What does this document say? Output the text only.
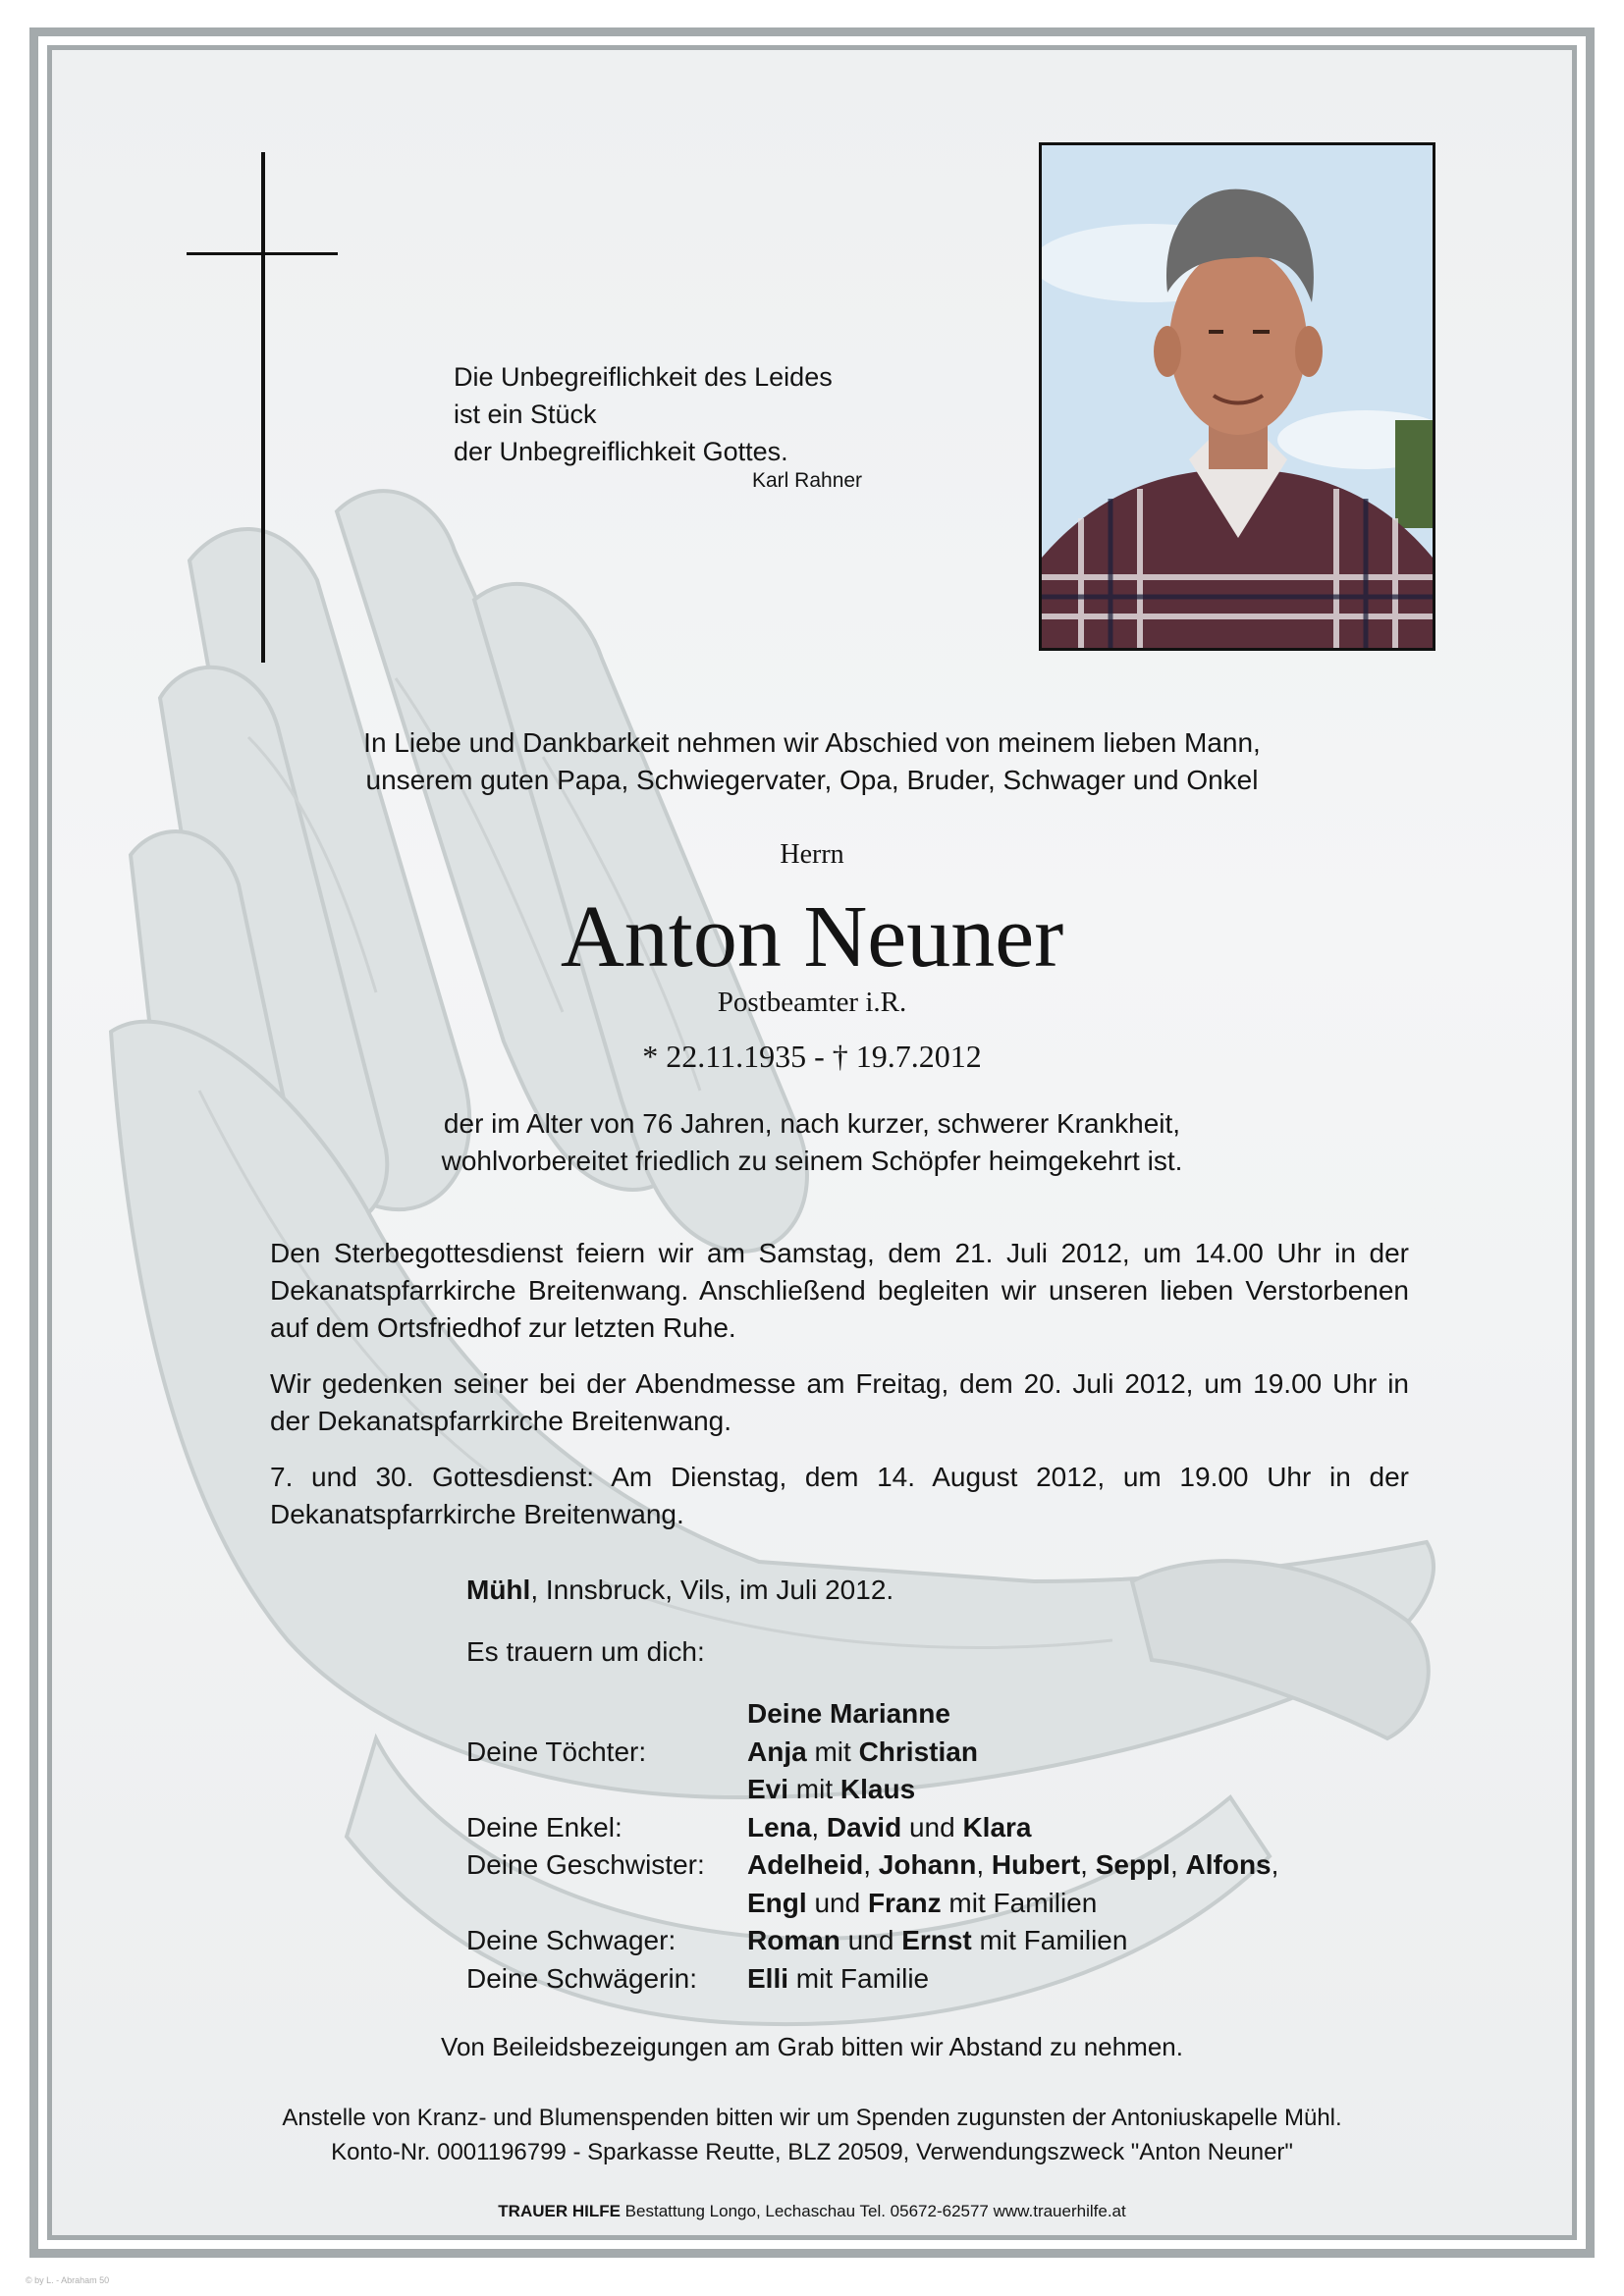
Die Unbegreiflichkeit des Leides
ist ein Stück
der Unbegreiflichkeit Gottes.
Karl Rahner
In Liebe und Dankbarkeit nehmen wir Abschied von meinem lieben Mann,
unserem guten Papa, Schwiegervater, Opa, Bruder, Schwager und Onkel
Herrn
Anton Neuner
Postbeamter i.R.
* 22.11.1935 - † 19.7.2012
der im Alter von 76 Jahren, nach kurzer, schwerer Krankheit,
wohlvorbereitet friedlich zu seinem Schöpfer heimgekehrt ist.
Den Sterbegottesdienst feiern wir am Samstag, dem 21. Juli 2012, um 14.00 Uhr in der Dekanatspfarrkirche Breitenwang. Anschließend begleiten wir unseren lieben Verstorbenen auf dem Ortsfriedhof zur letzten Ruhe.
Wir gedenken seiner bei der Abendmesse am Freitag, dem 20. Juli 2012, um 19.00 Uhr in der Dekanatspfarrkirche Breitenwang.
7. und 30. Gottesdienst: Am Dienstag, dem 14. August 2012, um 19.00 Uhr in der Dekanatspfarrkirche Breitenwang.
Mühl, Innsbruck, Vils, im Juli 2012.
Es trauern um dich:
Deine Marianne
Deine Töchter:	Anja mit Christian
Evi mit Klaus
Deine Enkel:	Lena, David und Klara
Deine Geschwister:	Adelheid, Johann, Hubert, Seppl, Alfons,
Engl und Franz mit Familien
Deine Schwager:	Roman und Ernst mit Familien
Deine Schwägerin:	Elli mit Familie
Von Beileidsbezeigungen am Grab bitten wir Abstand zu nehmen.
Anstelle von Kranz- und Blumenspenden bitten wir um Spenden zugunsten der Antoniuskapelle Mühl.
Konto-Nr. 0001196799 - Sparkasse Reutte, BLZ 20509, Verwendungszweck "Anton Neuner"
TRAUER HILFE Bestattung Longo, Lechaschau Tel. 05672-62577 www.trauerhilfe.at
© by L. - Abraham 50
